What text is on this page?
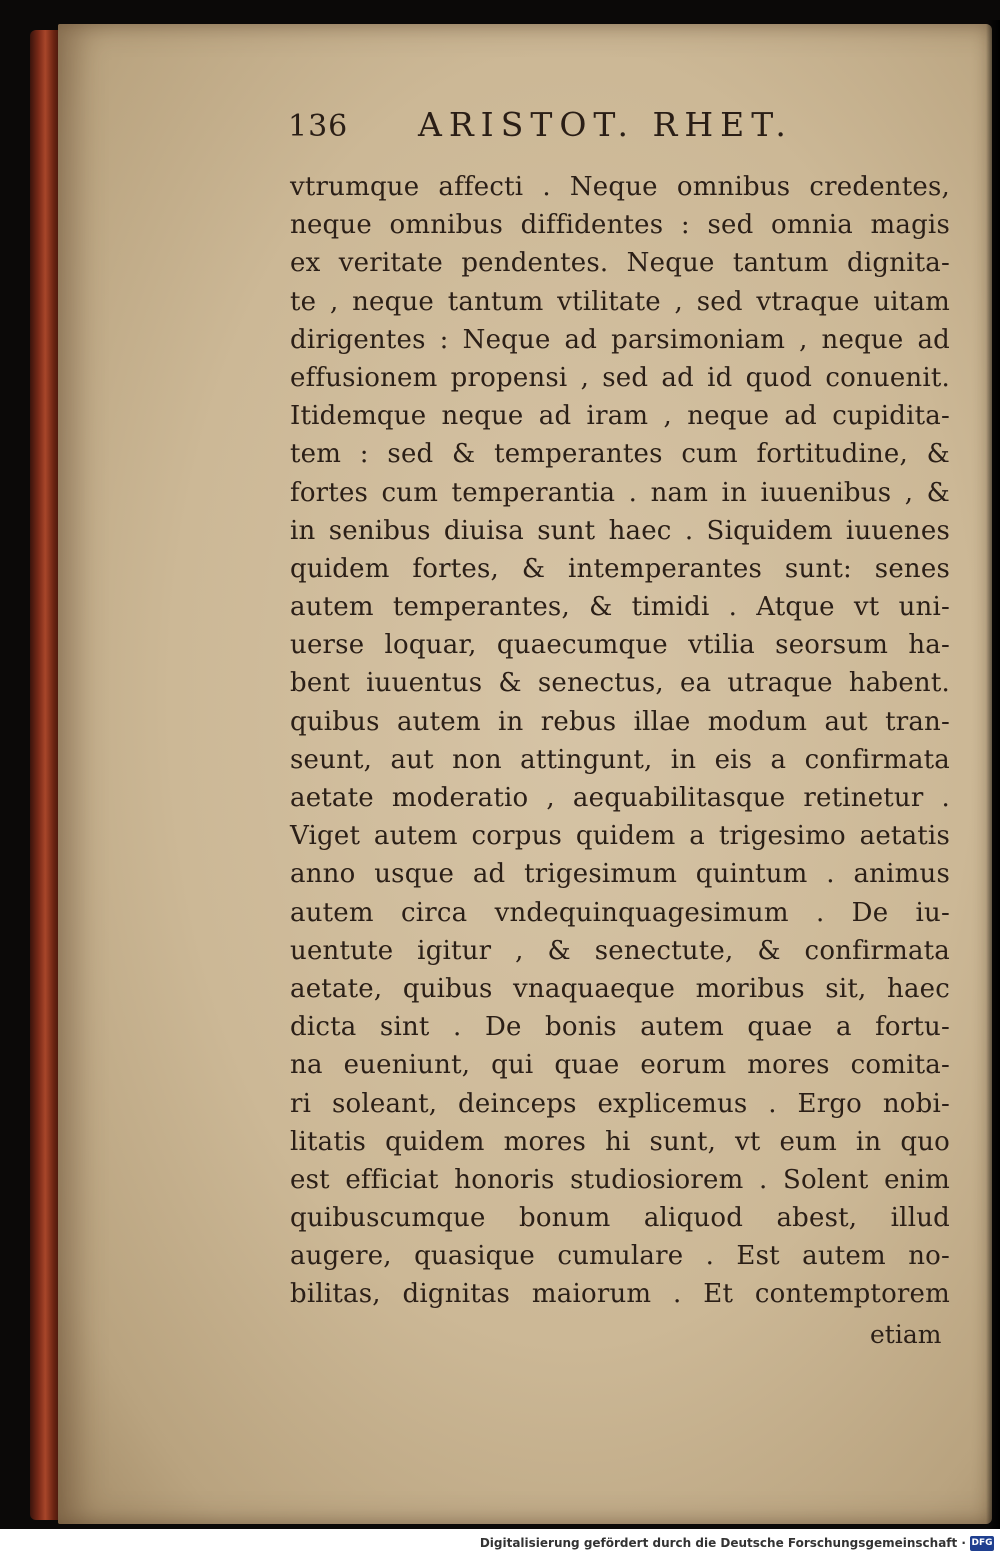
136 ARISTOT. RHET.
vtrumque affecti . Neque omnibus credentes,
neque omnibus diffidentes : sed omnia magis
ex veritate pendentes. Neque tantum dignita-
te , neque tantum vtilitate , sed vtraque uitam
dirigentes : Neque ad parsimoniam , neque ad
effusionem propensi , sed ad id quod conuenit.
Itidemque neque ad iram , neque ad cupidita-
tem : sed & temperantes cum fortitudine, &
fortes cum temperantia . nam in iuuenibus , &
in senibus diuisa sunt haec . Siquidem iuuenes
quidem fortes, & intemperantes sunt: senes
autem temperantes, & timidi . Atque vt uni-
uerse loquar, quaecumque vtilia seorsum ha-
bent iuuentus & senectus, ea utraque habent.
quibus autem in rebus illae modum aut tran-
seunt, aut non attingunt, in eis a confirmata
aetate moderatio , aequabilitasque retinetur .
Viget autem corpus quidem a trigesimo aetatis
anno usque ad trigesimum quintum . animus
autem circa vndequinquagesimum . De iu-
uentute igitur , & senectute, & confirmata
aetate, quibus vnaquaeque moribus sit, haec
dicta sint . De bonis autem quae a fortu-
na eueniunt, qui quae eorum mores comita-
ri soleant, deinceps explicemus . Ergo nobi-
litatis quidem mores hi sunt, vt eum in quo
est efficiat honoris studiosiorem . Solent enim
quibuscumque bonum aliquod abest, illud
augere, quasique cumulare . Est autem no-
bilitas, dignitas maiorum . Et contemptorem
etiam
Digitalisierung gefördert durch die Deutsche Forschungsgemeinschaft · DFG
